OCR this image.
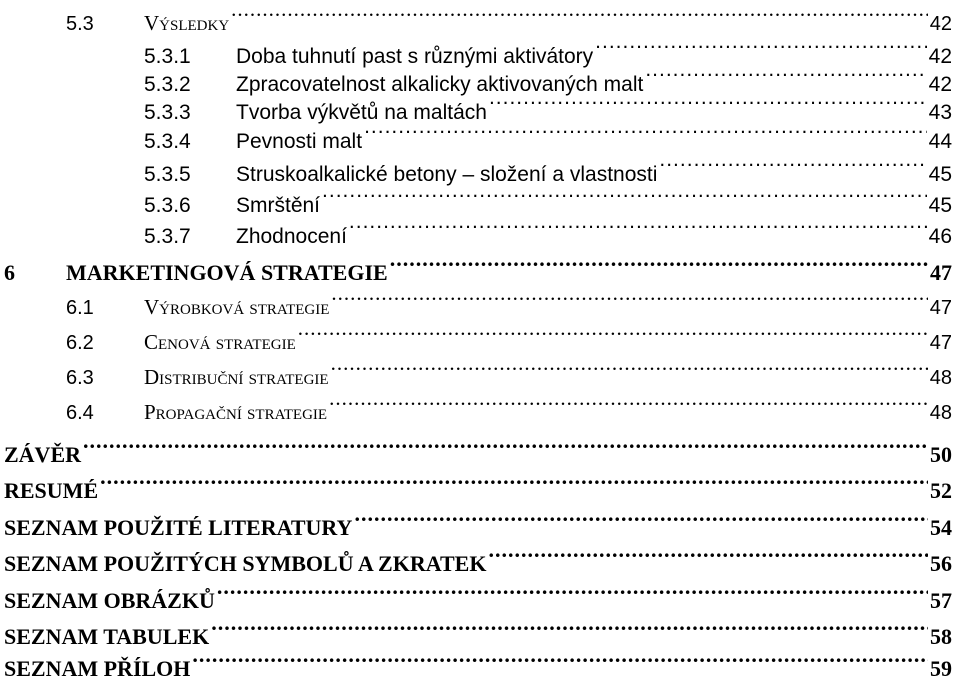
5.3	Výsledky .....	42
5.3.1	Doba tuhnutí past s různými aktivátory .....	42
5.3.2	Zpracovatelnost alkalicky aktivovaných malt .....	42
5.3.3	Tvorba výkvětů na maltách .....	43
5.3.4	Pevnosti malt .....	44
5.3.5	Struskoalkalické betony – složení a vlastnosti .....	45
5.3.6	Smrštění .....	45
5.3.7	Zhodnocení .....	46
6	MARKETINGOVÁ STRATEGIE .....	47
6.1	Výrobková strategie .....	47
6.2	Cenová strategie .....	47
6.3	Distribuční strategie .....	48
6.4	Propagační strategie .....	48
ZÁVĚR .....	50
RESUMÉ .....	52
SEZNAM POUŽITÉ LITERATURY .....	54
SEZNAM POUŽITÝCH SYMBOLŮ A ZKRATEK .....	56
SEZNAM OBRÁZKŮ .....	57
SEZNAM TABULEK .....	58
SEZNAM PŘÍLOH .....	59
